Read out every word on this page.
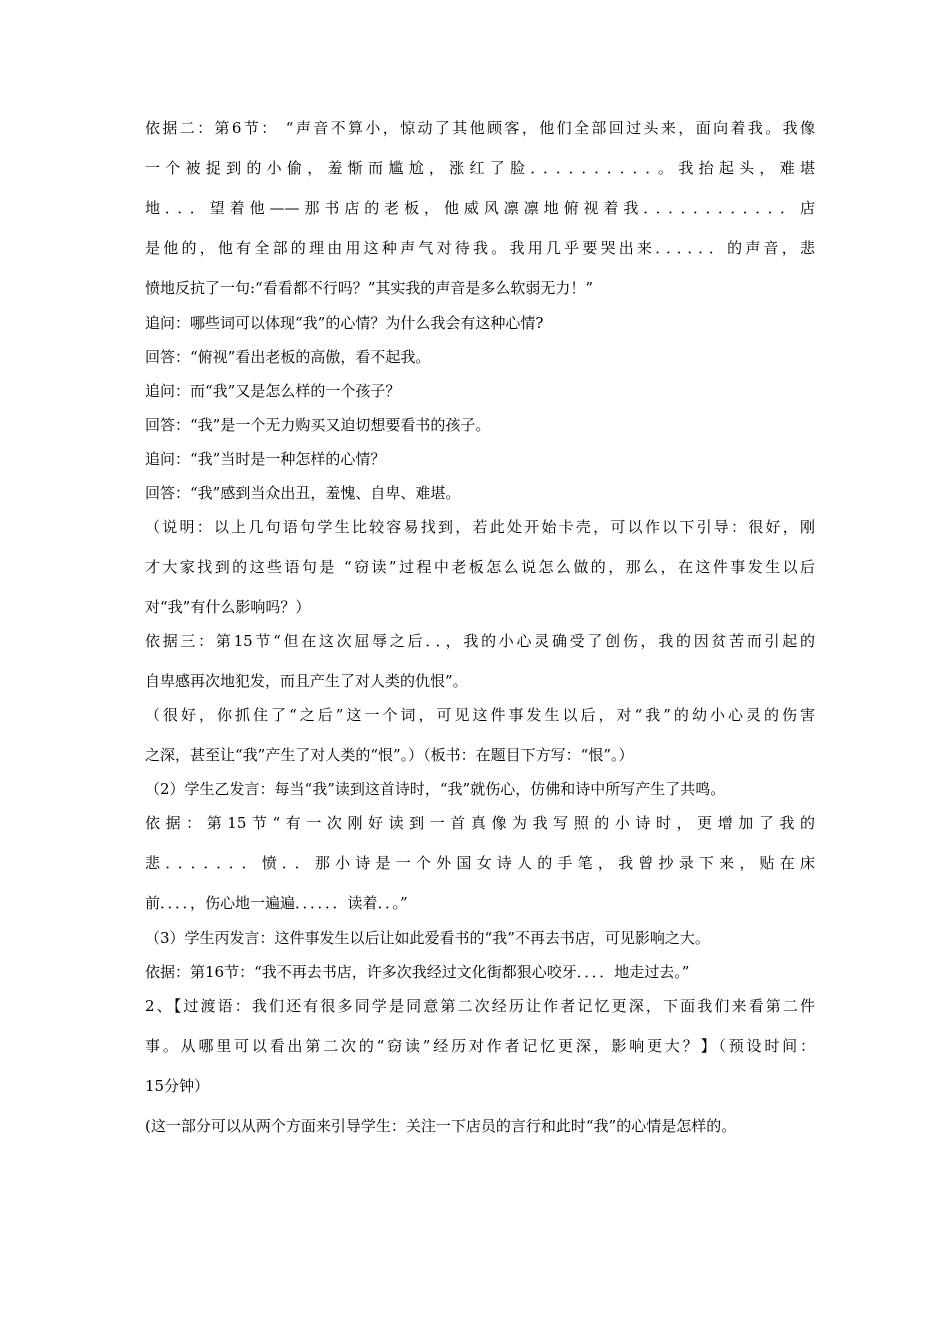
依据二：第6节： “声音不算小，惊动了其他顾客，他们全部回过头来，面向着我。我像
一个被捉到的小偷，羞惭而尴尬，涨红了脸．．．．．．．．．．。我抬起头，难堪
地．．．望着他——那书店的老板，他威风凛凛地俯视着我．．．．．．．．．．．．店
是他的，他有全部的理由用这种声气对待我。我用几乎要哭出来．．．．．．的声音，悲
愤地反抗了一句:“看看都不行吗？”其实我的声音是多么软弱无力！”
追问：哪些词可以体现“我”的心情？为什么我会有这种心情?
回答：“俯视”看出老板的高傲，看不起我。
追问：而“我”又是怎么样的一个孩子？
回答：“我”是一个无力购买又迫切想要看书的孩子。
追问：“我”当时是一种怎样的心情？
回答：“我”感到当众出丑，羞愧、自卑、难堪。
（说明：以上几句语句学生比较容易找到，若此处开始卡壳，可以作以下引导：很好，刚
才大家找到的这些语句是 “窃读”过程中老板怎么说怎么做的，那么，在这件事发生以后
对“我”有什么影响吗？）
依据三：第15节“但在这次屈辱之后．．，我的小心灵确受了创伤，我的因贫苦而引起的
自卑感再次地犯发，而且产生了对人类的仇恨”。
（很好，你抓住了“之后”这一个词，可见这件事发生以后，对“我”的幼小心灵的伤害
之深，甚至让“我”产生了对人类的“恨”。）（板书：在题目下方写：“恨”。）
（2）学生乙发言：每当“我”读到这首诗时，“我”就伤心，仿佛和诗中所写产生了共鸣。
依据：第15节“有一次刚好读到一首真像为我写照的小诗时，更增加了我的
悲．．．．．．．愤．．那小诗是一个外国女诗人的手笔，我曾抄录下来，贴在床
前．．．．，伤心地一遍遍．．．．．．读着．．。”
（3）学生丙发言：这件事发生以后让如此爱看书的“我”不再去书店，可见影响之大。
依据：第16节：“我不再去书店，许多次我经过文化街都狠心咬牙．．．．地走过去。”
2、【过渡语：我们还有很多同学是同意第二次经历让作者记忆更深，下面我们来看第二件
事。从哪里可以看出第二次的“窃读”经历对作者记忆更深，影响更大？】（预设时间：
15分钟）
(这一部分可以从两个方面来引导学生：关注一下店员的言行和此时“我”的心情是怎样的。
